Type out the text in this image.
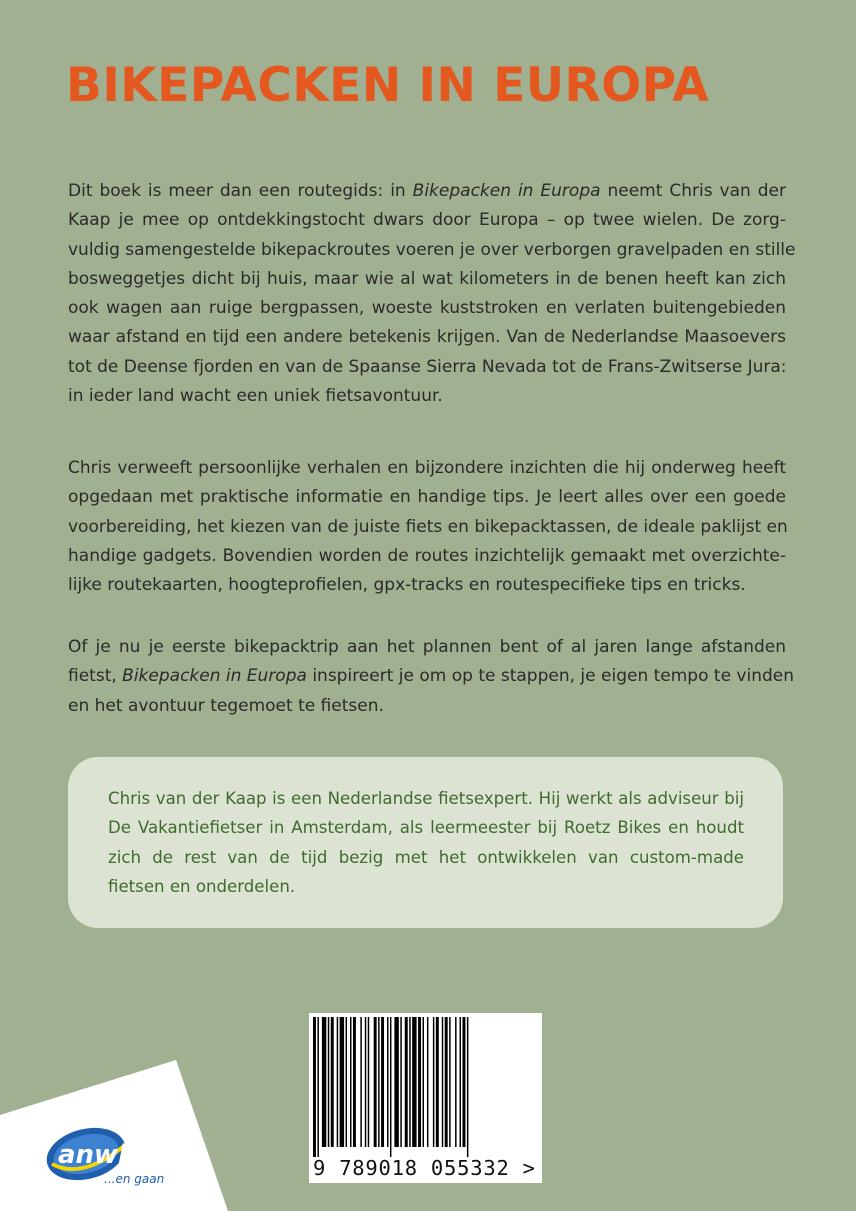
BIKEPACKEN IN EUROPA

Dit boek is meer dan een routegids: in Bikepacken in Europa neemt Chris van der
Kaap je mee op ontdekkingstocht dwars door Europa – op twee wielen. De zorg-
vuldig samengestelde bikepackroutes voeren je over verborgen gravelpaden en stille
bosweggetjes dicht bij huis, maar wie al wat kilometers in de benen heeft kan zich
ook wagen aan ruige bergpassen, woeste kuststroken en verlaten buitengebieden
waar afstand en tijd een andere betekenis krijgen. Van de Nederlandse Maasoevers
tot de Deense fjorden en van de Spaanse Sierra Nevada tot de Frans-Zwitserse Jura:
in ieder land wacht een uniek fietsavontuur.

Chris verweeft persoonlijke verhalen en bijzondere inzichten die hij onderweg heeft
opgedaan met praktische informatie en handige tips. Je leert alles over een goede
voorbereiding, het kiezen van de juiste fiets en bikepacktassen, de ideale paklijst en
handige gadgets. Bovendien worden de routes inzichtelijk gemaakt met overzichte-
lijke routekaarten, hoogteprofielen, gpx-tracks en routespecifieke tips en tricks.

Of je nu je eerste bikepacktrip aan het plannen bent of al jaren lange afstanden
fietst, Bikepacken in Europa inspireert je om op te stappen, je eigen tempo te vinden
en het avontuur tegemoet te fietsen.

Chris van der Kaap is een Nederlandse fietsexpert. Hij werkt als adviseur bij
De Vakantiefietser in Amsterdam, als leermeester bij Roetz Bikes en houdt
zich de rest van de tijd bezig met het ontwikkelen van custom-made
fietsen en onderdelen.

9 789018 055332 >
anwb
...en gaan
